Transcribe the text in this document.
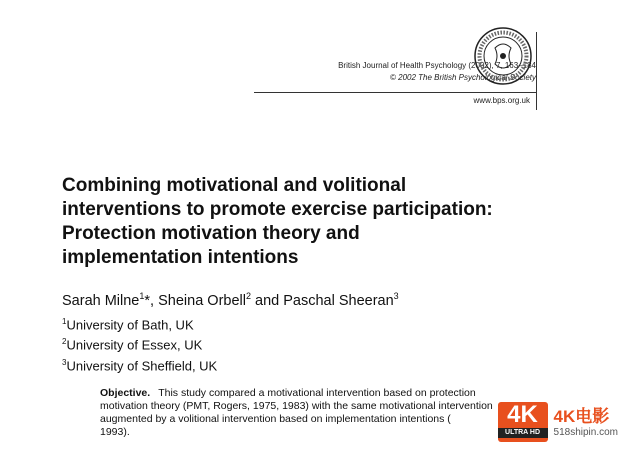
British Journal of Health Psychology (2002), 7, 163–184
© 2002 The British Psychological Society
www.bps.org.uk
Combining motivational and volitional
interventions to promote exercise participation:
Protection motivation theory and
implementation intentions
Sarah Milne$^1$*, Sheina Orbell$^2$ and Paschal Sheeran$^3$
$^1$University of Bath, UK
$^2$University of Essex, UK
$^3$University of Sheffield, UK
Objective. This study compared a motivational intervention based on protection
motivation theory (PMT, Rogers, 1975, 1983) with the same motivational intervention
augmented by a volitional intervention based on implementation intentions (
1993).
4K
ULTRA HD
4K电影
518shipin.com
